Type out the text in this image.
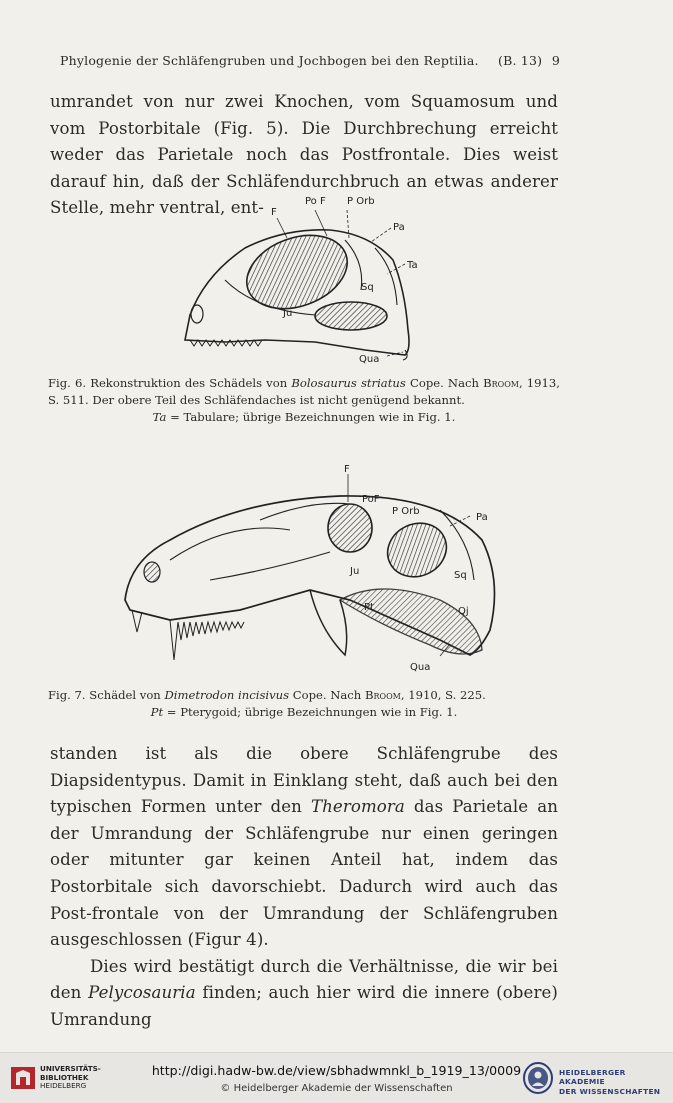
Phylogenie der Schläfengruben und Jochbogen bei den Reptilia. (B. 13) 9

umrandet von nur zwei Knochen, vom Squamosum und vom Postorbitale (Fig. 5). Die Durchbrechung erreicht weder das Parietale noch das Postfrontale. Dies weist darauf hin, daß der Schläfendurchbruch an etwas anderer Stelle, mehr ventral, ent-	Po F P Orb
F
Pa
Ta
Sq
Ju
Qua
Fig. 6. Rekonstruktion des Schädels von Bolosaurus striatus Cope. Nach Broom, 1913, S. 511. Der obere Teil des Schläfendaches ist nicht genügend bekannt.
Ta = Tabulare; übrige Bezeichnungen wie in Fig. 1.
F
PoF
P Orb
Pa
Ju	Sq
Pt	Qj
Qua
Fig. 7. Schädel von Dimetrodon incisivus Cope. Nach Broom, 1910, S. 225.
Pt = Pterygoid; übrige Bezeichnungen wie in Fig. 1.

standen ist als die obere Schläfengrube des Diapsidentypus. Damit in Einklang steht, daß auch bei den typischen Formen unter den Theromora das Parietale an der Umrandung der Schläfengrube nur einen geringen oder mitunter gar keinen Anteil hat, indem das Postorbitale sich davorschiebt. Dadurch wird auch das Post-frontale von der Umrandung der Schläfengruben ausgeschlossen (Figur 4).

Dies wird bestätigt durch die Verhältnisse, die wir bei den Pelycosauria finden; auch hier wird die innere (obere) Umrandung

UNIVERSITÄTS-
BIBLIOTHEK
HEIDELBERG
http://digi.hadw-bw.de/view/sbhadwmnkl_b_1919_13/0009
© Heidelberger Akademie der Wissenschaften
HEIDELBERGER AKADEMIE
DER WISSENSCHAFTEN
